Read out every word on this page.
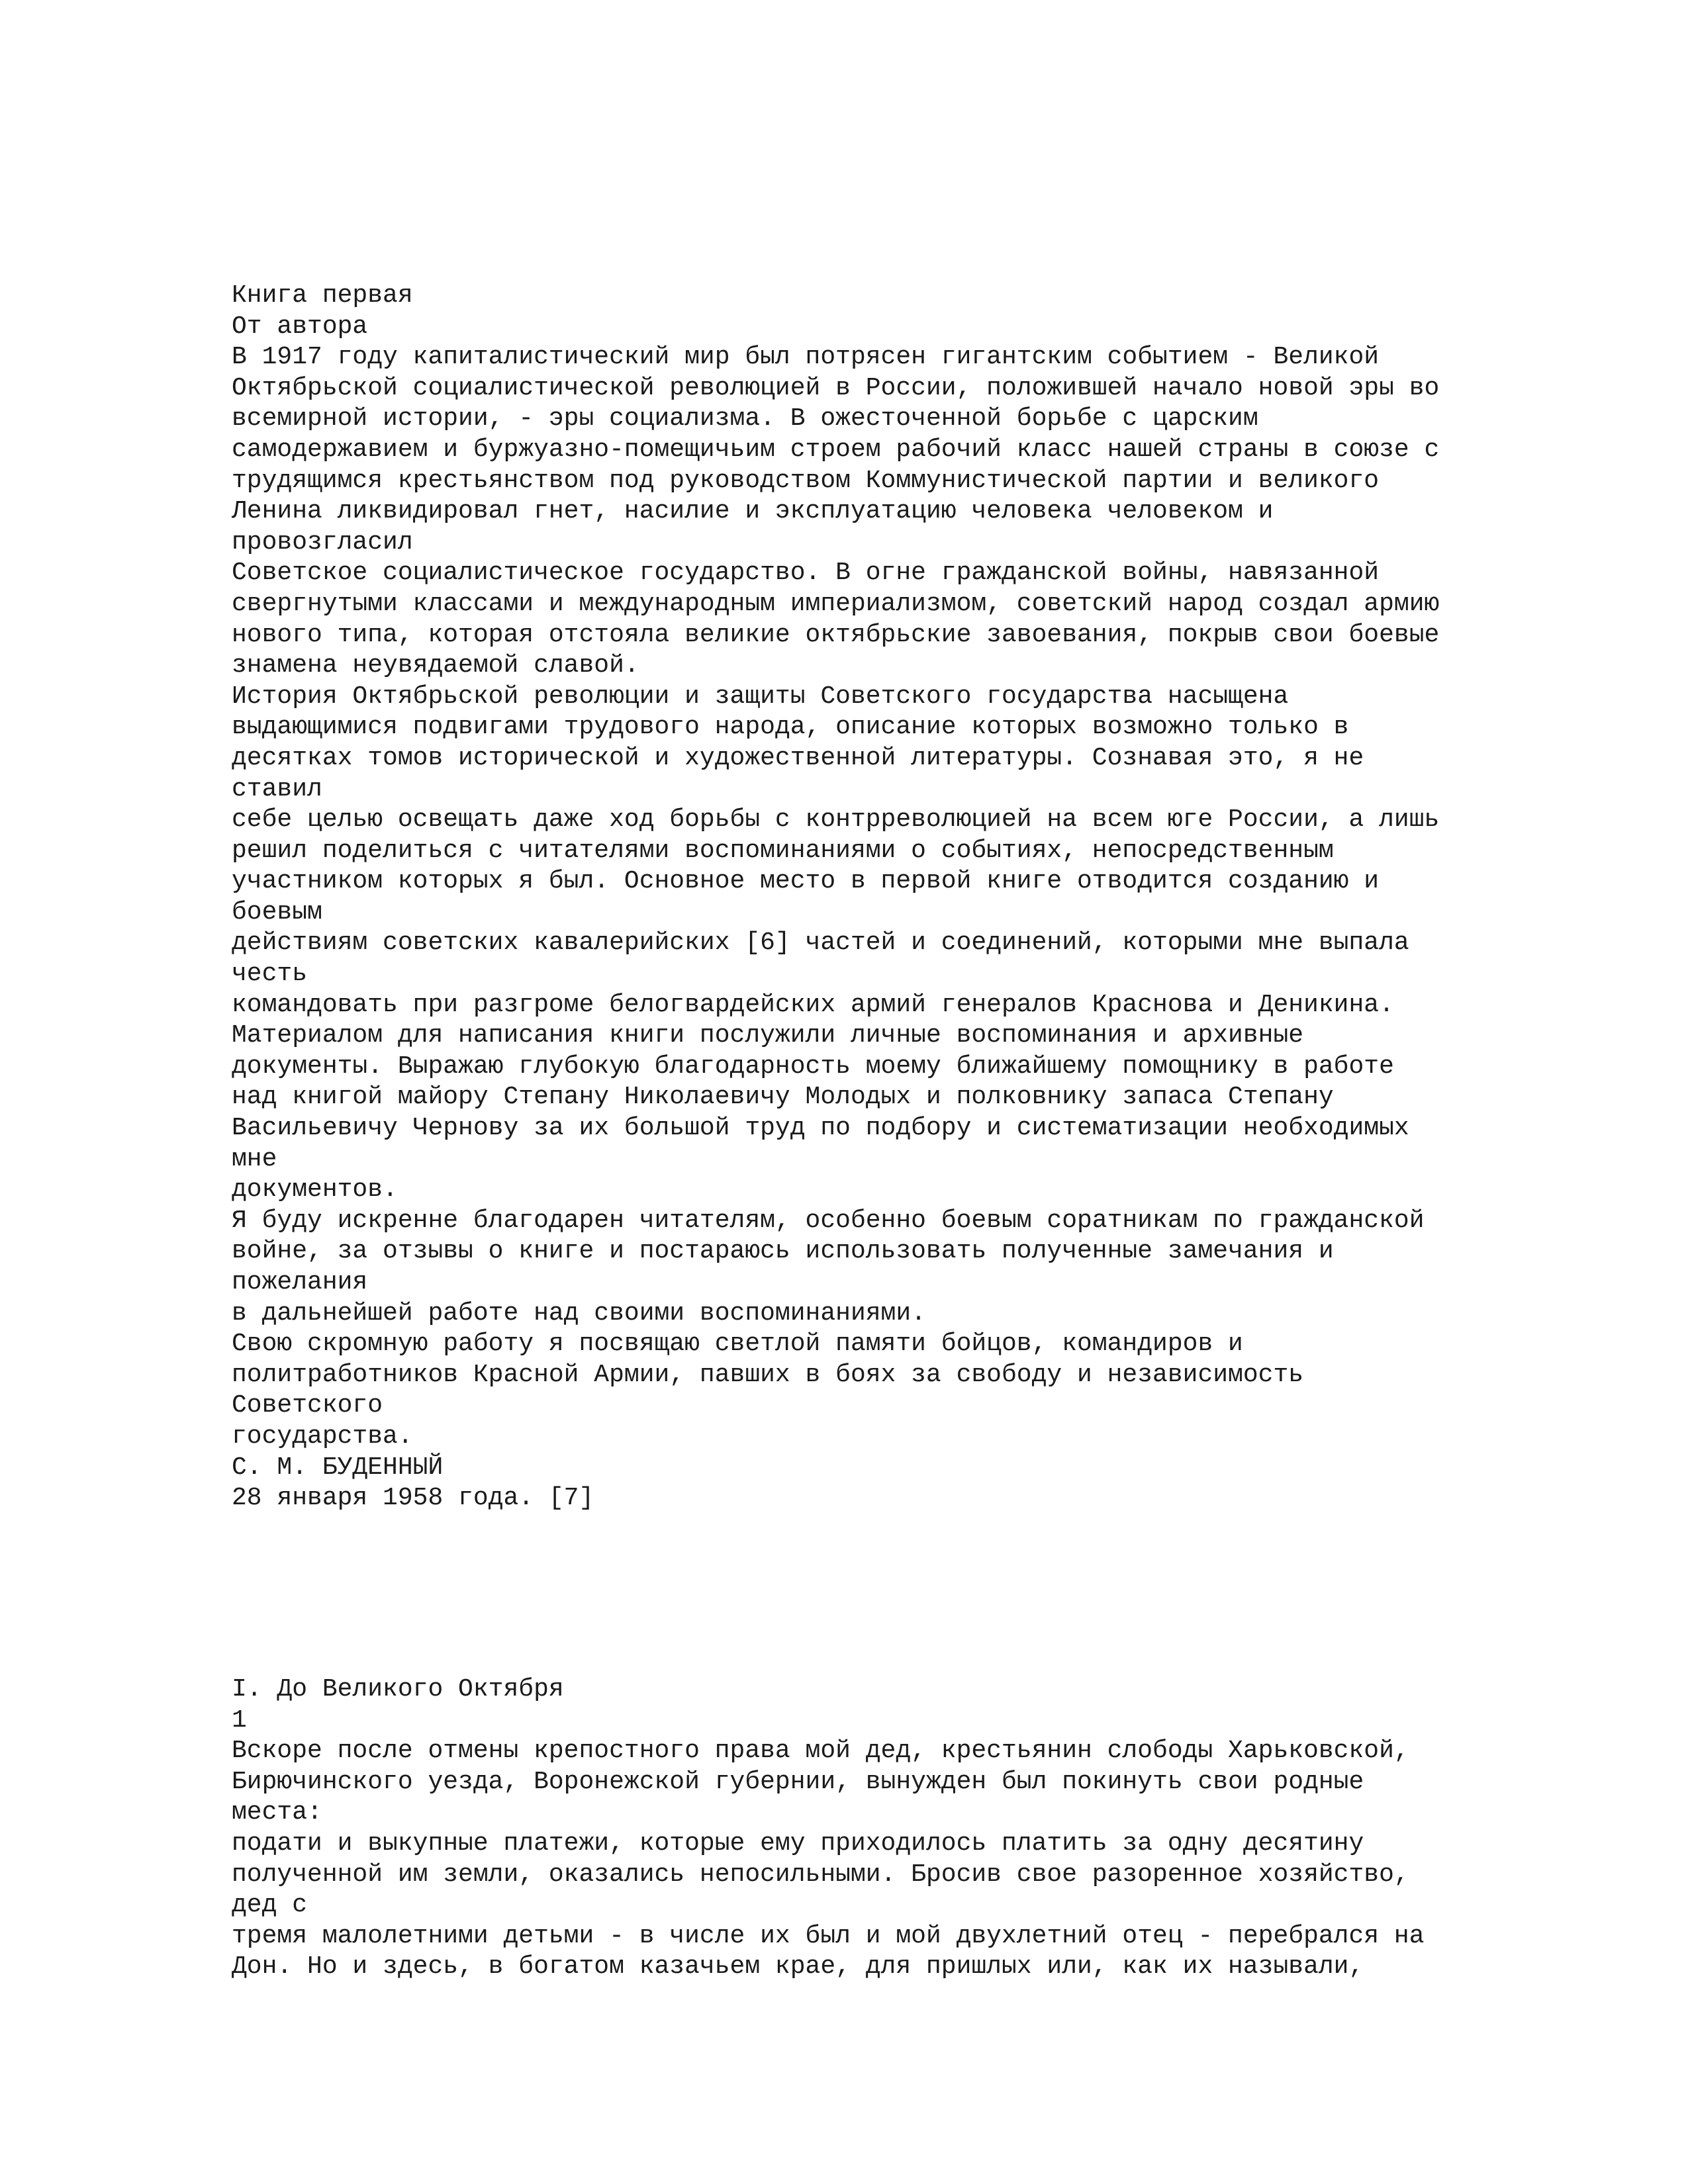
Книга первая
От автора
В 1917 году капиталистический мир был потрясен гигантским событием - Великой
Октябрьской социалистической революцией в России, положившей начало новой эры во
всемирной истории, - эры социализма. В ожесточенной борьбе с царским
самодержавием и буржуазно-помещичьим строем рабочий класс нашей страны в союзе с
трудящимся крестьянством под руководством Коммунистической партии и великого
Ленина ликвидировал гнет, насилие и эксплуатацию человека человеком и
провозгласил
Советское социалистическое государство. В огне гражданской войны, навязанной
свергнутыми классами и международным империализмом, советский народ создал армию
нового типа, которая отстояла великие октябрьские завоевания, покрыв свои боевые
знамена неувядаемой славой.
История Октябрьской революции и защиты Советского государства насыщена
выдающимися подвигами трудового народа, описание которых возможно только в
десятках томов исторической и художественной литературы. Сознавая это, я не
ставил
себе целью освещать даже ход борьбы с контрреволюцией на всем юге России, а лишь
решил поделиться с читателями воспоминаниями о событиях, непосредственным
участником которых я был. Основное место в первой книге отводится созданию и
боевым
действиям советских кавалерийских [6] частей и соединений, которыми мне выпала
честь
командовать при разгроме белогвардейских армий генералов Краснова и Деникина.
Материалом для написания книги послужили личные воспоминания и архивные
документы. Выражаю глубокую благодарность моему ближайшему помощнику в работе
над книгой майору Степану Николаевичу Молодых и полковнику запаса Степану
Васильевичу Чернову за их большой труд по подбору и систематизации необходимых
мне
документов.
Я буду искренне благодарен читателям, особенно боевым соратникам по гражданской
войне, за отзывы о книге и постараюсь использовать полученные замечания и
пожелания
в дальнейшей работе над своими воспоминаниями.
Свою скромную работу я посвящаю светлой памяти бойцов, командиров и
политработников Красной Армии, павших в боях за свободу и независимость
Советского
государства.
С. М. БУДЕННЫЙ
28 января 1958 года. [7]
I. До Великого Октября
1
Вскоре после отмены крепостного права мой дед, крестьянин слободы Харьковской,
Бирючинского уезда, Воронежской губернии, вынужден был покинуть свои родные
места:
подати и выкупные платежи, которые ему приходилось платить за одну десятину
полученной им земли, оказались непосильными. Бросив свое разоренное хозяйство,
дед с
тремя малолетними детьми - в числе их был и мой двухлетний отец - перебрался на
Дон. Но и здесь, в богатом казачьем крае, для пришлых или, как их называли,
